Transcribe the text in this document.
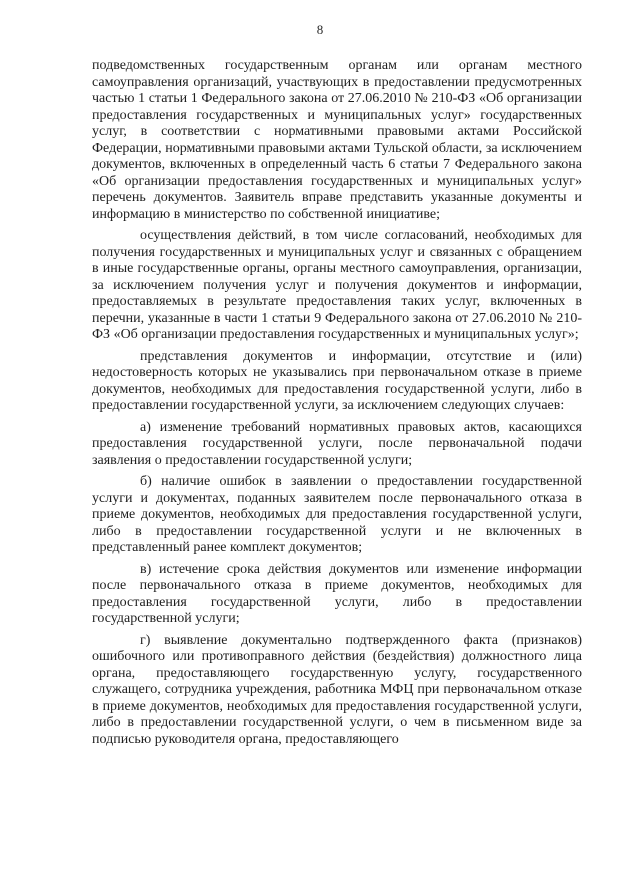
8

подведомственных государственным органам или органам местного самоуправления организаций, участвующих в предоставлении предусмотренных частью 1 статьи 1 Федерального закона от 27.06.2010 № 210-ФЗ «Об организации предоставления государственных и муниципальных услуг» государственных услуг, в соответствии с нормативными правовыми актами Российской Федерации, нормативными правовыми актами Тульской области, за исключением документов, включенных в определенный часть 6 статьи 7 Федерального закона «Об организации предоставления государственных и муниципальных услуг» перечень документов. Заявитель вправе представить указанные документы и информацию в министерство по собственной инициативе;

осуществления действий, в том числе согласований, необходимых для получения государственных и муниципальных услуг и связанных с обращением в иные государственные органы, органы местного самоуправления, организации, за исключением получения услуг и получения документов и информации, предоставляемых в результате предоставления таких услуг, включенных в перечни, указанные в части 1 статьи 9 Федерального закона от 27.06.2010 № 210-ФЗ «Об организации предоставления государственных и муниципальных услуг»;

представления документов и информации, отсутствие и (или) недостоверность которых не указывались при первоначальном отказе в приеме документов, необходимых для предоставления государственной услуги, либо в предоставлении государственной услуги, за исключением следующих случаев:

а) изменение требований нормативных правовых актов, касающихся предоставления государственной услуги, после первоначальной подачи заявления о предоставлении государственной услуги;

б) наличие ошибок в заявлении о предоставлении государственной услуги и документах, поданных заявителем после первоначального отказа в приеме документов, необходимых для предоставления государственной услуги, либо в предоставлении государственной услуги и не включенных в представленный ранее комплект документов;

в) истечение срока действия документов или изменение информации после первоначального отказа в приеме документов, необходимых для предоставления государственной услуги, либо в предоставлении государственной услуги;

г) выявление документально подтвержденного факта (признаков) ошибочного или противоправного действия (бездействия) должностного лица органа, предоставляющего государственную услугу, государственного служащего, сотрудника учреждения, работника МФЦ при первоначальном отказе в приеме документов, необходимых для предоставления государственной услуги, либо в предоставлении государственной услуги, о чем в письменном виде за подписью руководителя органа, предоставляющего
